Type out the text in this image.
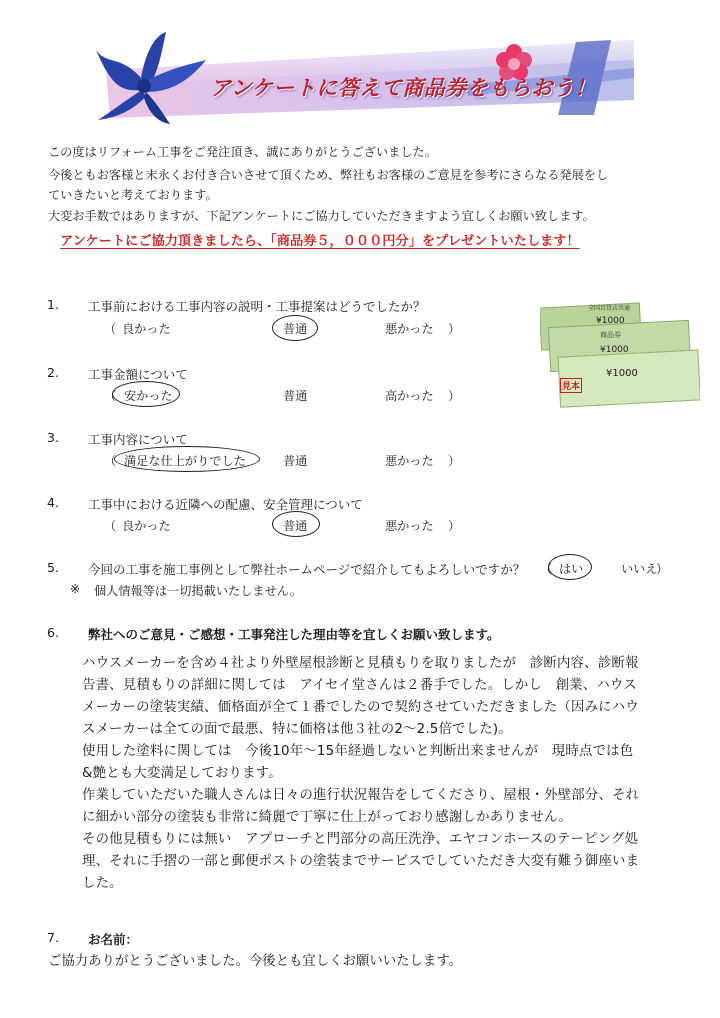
アンケートに答えて商品券をもらおう！
この度はリフォーム工事をご発注頂き、誠にありがとうございました。
今後ともお客様と末永くお付き合いさせて頂くため、弊社もお客様のご意見を参考にさらなる発展をし
ていきたいと考えております。
大変お手数ではありますが、下記アンケートにご協力していただきますよう宜しくお願い致します。
アンケートにご協力頂きましたら、「商品券５，０００円分」をプレゼントいたします！
全国百貨店共通
¥1000
商品券
¥1000
¥1000
見本
1. 工事前における工事内容の説明・工事提案はどうでしたか？
（ 良かった	普通	悪かった ）
2. 工事金額について
（ 安かった	普通	高かった ）
3. 工事内容について
（ 満足な仕上がりでした	普通	悪かった ）
4. 工事中における近隣への配慮、安全管理について
（ 良かった	普通	悪かった ）
5. 今回の工事を施工事例として弊社ホームページで紹介してもよろしいですか？ （ はい	いいえ
）
※ 個人情報等は一切掲載いたしません。
6. 弊社へのご意見・ご感想・工事発注した理由等を宜しくお願い致します。
ハウスメーカーを含め４社より外壁屋根診断と見積もりを取りましたが　診断内容、診断報
告書、見積もりの詳細に関しては　アイセイ堂さんは２番手でした。しかし　創業、ハウス
メーカーの塗装実績、価格面が全て１番でしたので契約させていただきました（因みにハウ
スメーカーは全ての面で最悪、特に価格は他３社の2〜2.5倍でした)。
使用した塗料に関しては　今後10年〜15年経過しないと判断出来ませんが　現時点では色
&艶とも大変満足しております。
作業していただいた職人さんは日々の進行状況報告をしてくださり、屋根・外壁部分、それ
に細かい部分の塗装も非常に綺麗で丁寧に仕上がっており感謝しかありません。
その他見積もりには無い　アプローチと門部分の高圧洗浄、エヤコンホースのテーピング処
理、それに手摺の一部と郵便ポストの塗装までサービスでしていただき大変有難う御座いま
した。
7. お名前：
ご協力ありがとうございました。今後とも宜しくお願いいたします。
